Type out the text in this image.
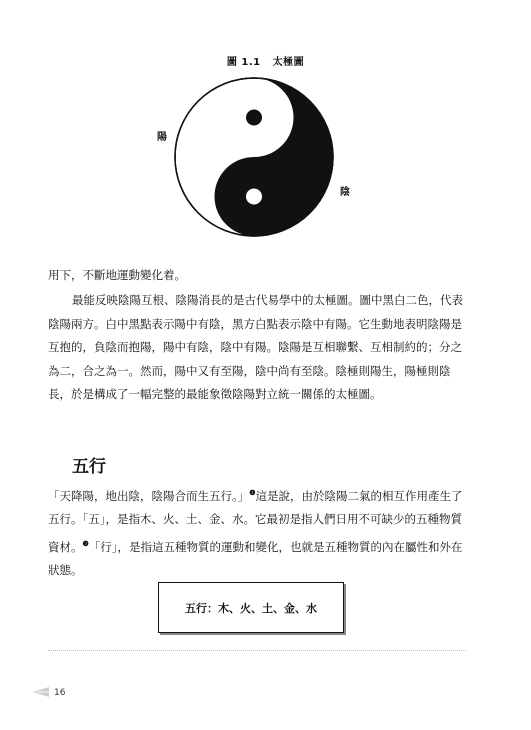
圖 1.1 太極圖
陽
陰

用下，不斷地運動變化着。

最能反映陰陽互根、陰陽消長的是古代易學中的太極圖。圖中黑白二色，代表陰陽兩方。白中黑點表示陽中有陰，黑方白點表示陰中有陽。它生動地表明陰陽是互抱的，負陰而抱陽，陽中有陰，陰中有陽。陰陽是互相聯繫、互相制約的；分之為二，合之為一。然而，陽中又有至陽，陰中尚有至陰。陰極則陽生，陽極則陰長，於是構成了一幅完整的最能象徵陰陽對立統一關係的太極圖。

五行

「天降陽，地出陰，陰陽合而生五行。」$^❶$這是說，由於陰陽二氣的相互作用產生了五行。「五」，是指木、火、土、金、水。它最初是指人們日用不可缺少的五種物質資材。$^❷$「行」，是指這五種物質的運動和變化，也就是五種物質的內在屬性和外在狀態。

五行：木、火、土、金、水
16
